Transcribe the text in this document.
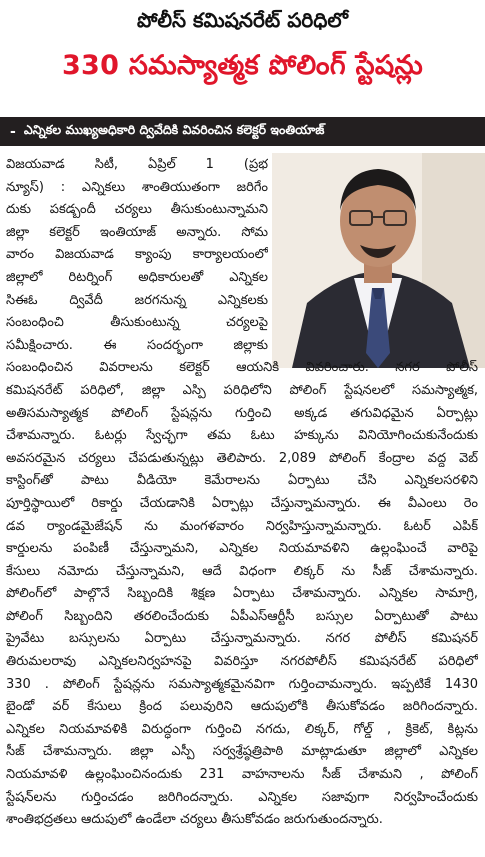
పోలీస్ కమిషనరేట్ పరిధిలో
330 సమస్యాత్మక పోలింగ్ స్టేషన్లు
- ఎన్నికల ముఖ్యఅధికారి ద్వివేదికి వివరించిన కలెక్టర్ ఇంతియాజ్

విజయవాడ సిటీ, ఏప్రిల్ 1 (ప్రభ
న్యూస్) : ఎన్నికలు శాంతియుతంగా జరిగేం
దుకు పకడ్బందీ చర్యలు తీసుకుంటున్నామని
జిల్లా కలెక్టర్ ఇంతియాజ్ అన్నారు. సోమ
వారం విజయవాడ క్యాంపు కార్యాలయంలో
జిల్లాలో రిటర్నింగ్ అధికారులతో ఎన్నికల
సిఈఓ ద్వివేదీ జరగనున్న ఎన్నికలకు
సంబంధించి తీసుకుంటున్న చర్యలపై
సమీక్షించారు. ఈ సందర్భంగా జిల్లాకు
సంబంధించిన వివరాలను కలెక్టర్ ఆయనికి వివరించారు. నగర పోలీస్
కమిషనరేట్ పరిధిలో, జిల్లా ఎస్పి పరిధిలోని పోలింగ్ స్టేషనలలో సమస్యాత్మక,
అతిసమస్యాత్మక పోలింగ్ స్టేషన్లను గుర్తించి అక్కడ తగువిధమైన ఏర్పాట్లు
చేశామన్నారు. ఓటర్లు స్వేచ్ఛగా తమ ఓటు హక్కును వినియోగించుకునేందుకు
అవసరమైన చర్యలు చేపడుతున్నట్లు తెలిపారు. 2,089 పోలింగ్ కేంద్రాల వద్ద వెబ్
కాస్టింగ్‌తో పాటు వీడియో కెమేరాలను ఏర్పాటు చేసి ఎన్నికలసరళిని
పూర్తిస్థాయిలో రికార్డు చేయడానికి ఏర్పాట్లు చేస్తున్నామన్నారు. ఈ వీఎంలు రెం
డవ ర్యాండమైజేషన్ ను మంగళవారం నిర్వహిస్తున్నామన్నారు. ఓటర్ ఎపిక్
కార్డులను పంపిణీ చేస్తున్నామని, ఎన్నికల నియమావళిని ఉల్లంఘించే వారిపై
కేసులు నమోదు చేస్తున్నామని, ఆదే విధంగా లిక్కర్ ను సీజ్ చేశామన్నారు.
పోలింగ్‌లో పాల్గొనే సిబ్బందికి శిక్షణ ఏర్పాటు చేశామన్నారు. ఎన్నికల సామాగ్రి,
పోలింగ్ సిబ్బందిని తరలించేందుకు ఏపీఎస్ఆర్టీసీ బస్సుల ఏర్పాటుతో పాటు
ప్రైవేటు బస్సులను ఏర్పాటు చేస్తున్నామన్నారు. నగర పోలీస్ కమిషనర్
తిరుమలరావు ఎన్నికలనిర్వహనపై వివరిస్తూ నగరపోలీస్ కమిషనరేట్ పరిధిలో
330 . పోలింగ్ స్టేషన్లను సమస్యాత్మకమైనవిగా గుర్తించామన్నారు. ఇప్పటికే 1430
బైండో వర్ కేసులు క్రింద పలువురిని ఆదుపులోకి తీసుకోవడం జరిగిందన్నారు.
ఎన్నికల నియమావళికి విరుద్ధంగా గుర్తించి నగదు, లిక్కర్, గోల్డ్ , క్రికెట్, కిట్లను
సీజ్ చేశామన్నారు. జిల్లా ఎస్పీ సర్వశ్రేష్ఠత్రిపాఠి మాట్లాడుతూ జిల్లాలో ఎన్నికల
నియమావళి ఉల్లంఘించినందుకు 231 వాహనాలను సీజ్ చేశామని , పోలింగ్
స్టేషన్‌లను గుర్తించడం జరిగిందన్నారు. ఎన్నికల సజావుగా నిర్వహించేందుకు
శాంతిభద్రతలు ఆదుపులో ఉండేలా చర్యలు తీసుకోవడం జరుగుతుందన్నారు.
